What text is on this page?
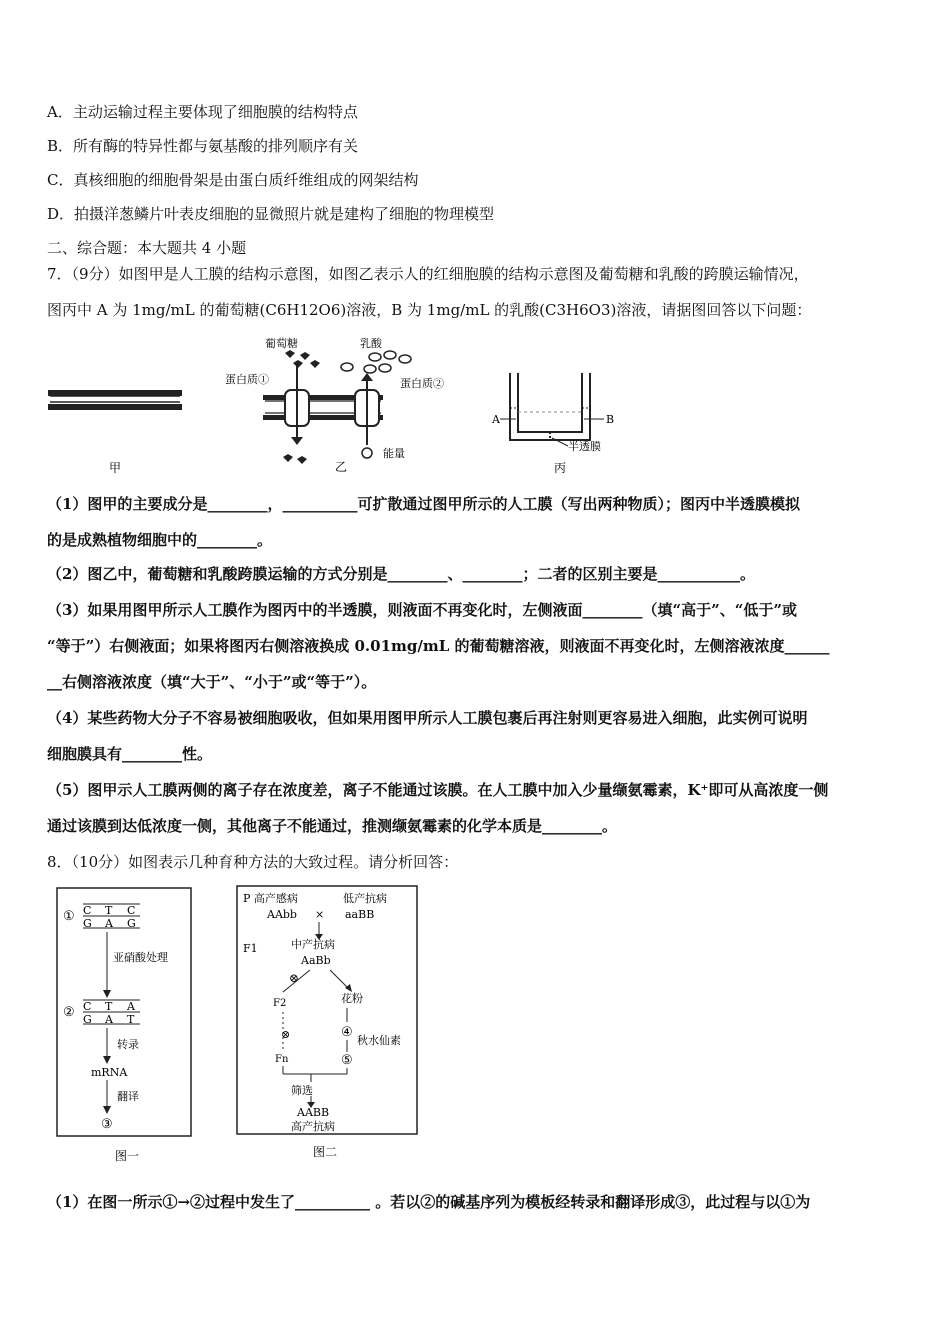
A．主动运输过程主要体现了细胞膜的结构特点
B．所有酶的特异性都与氨基酸的排列顺序有关
C．真核细胞的细胞骨架是由蛋白质纤维组成的网架结构
D．拍摄洋葱鳞片叶表皮细胞的显微照片就是建构了细胞的物理模型
二、综合题：本大题共 4 小题
7．（9分）如图甲是人工膜的结构示意图，如图乙表示人的红细胞膜的结构示意图及葡萄糖和乳酸的跨膜运输情况，
图丙中 A 为 1mg/mL 的葡萄糖(C6H12O6)溶液，B 为 1mg/mL 的乳酸(C3H6O3)溶液，请据图回答以下问题：
甲
葡萄糖	乳酸
蛋白质①	蛋白质②
能量
乙
A	B
半透膜
丙
（1）图甲的主要成分是________，__________可扩散通过图甲所示的人工膜（写出两种物质）；图丙中半透膜模拟
的是成熟植物细胞中的________。
（2）图乙中，葡萄糖和乳酸跨膜运输的方式分别是________、________；二者的区别主要是___________。
（3）如果用图甲所示人工膜作为图丙中的半透膜，则液面不再变化时，左侧液面________（填“高于”、“低于”或
“等于”）右侧液面；如果将图丙右侧溶液换成 0.01mg/mL 的葡萄糖溶液，则液面不再变化时，左侧溶液浓度______
__右侧溶液浓度（填“大于”、“小于”或“等于”）。
（4）某些药物大分子不容易被细胞吸收，但如果用图甲所示人工膜包裹后再注射则更容易进入细胞，此实例可说明
细胞膜具有________性。
（5）图甲示人工膜两侧的离子存在浓度差，离子不能通过该膜。在人工膜中加入少量缬氨霉素，K⁺即可从高浓度一侧
通过该膜到达低浓度一侧，其他离子不能通过，推测缬氨霉素的化学本质是________。
8．（10分）如图表示几种育种方法的大致过程。请分析回答：
① C T C
G A G
亚硝酸处理
② C T A
G A T
转录
mRNA
翻译
③
图一
P 高产感病	低产抗病
AAbb × aaBB
F1	中产抗病
AaBb
⊗
F2	花粉
⊗	④
秋水仙素
⑤
Fn
筛选
AABB
高产抗病
图二
（1）在图一所示①→②过程中发生了__________ 。若以②的碱基序列为模板经转录和翻译形成③，此过程与以①为
